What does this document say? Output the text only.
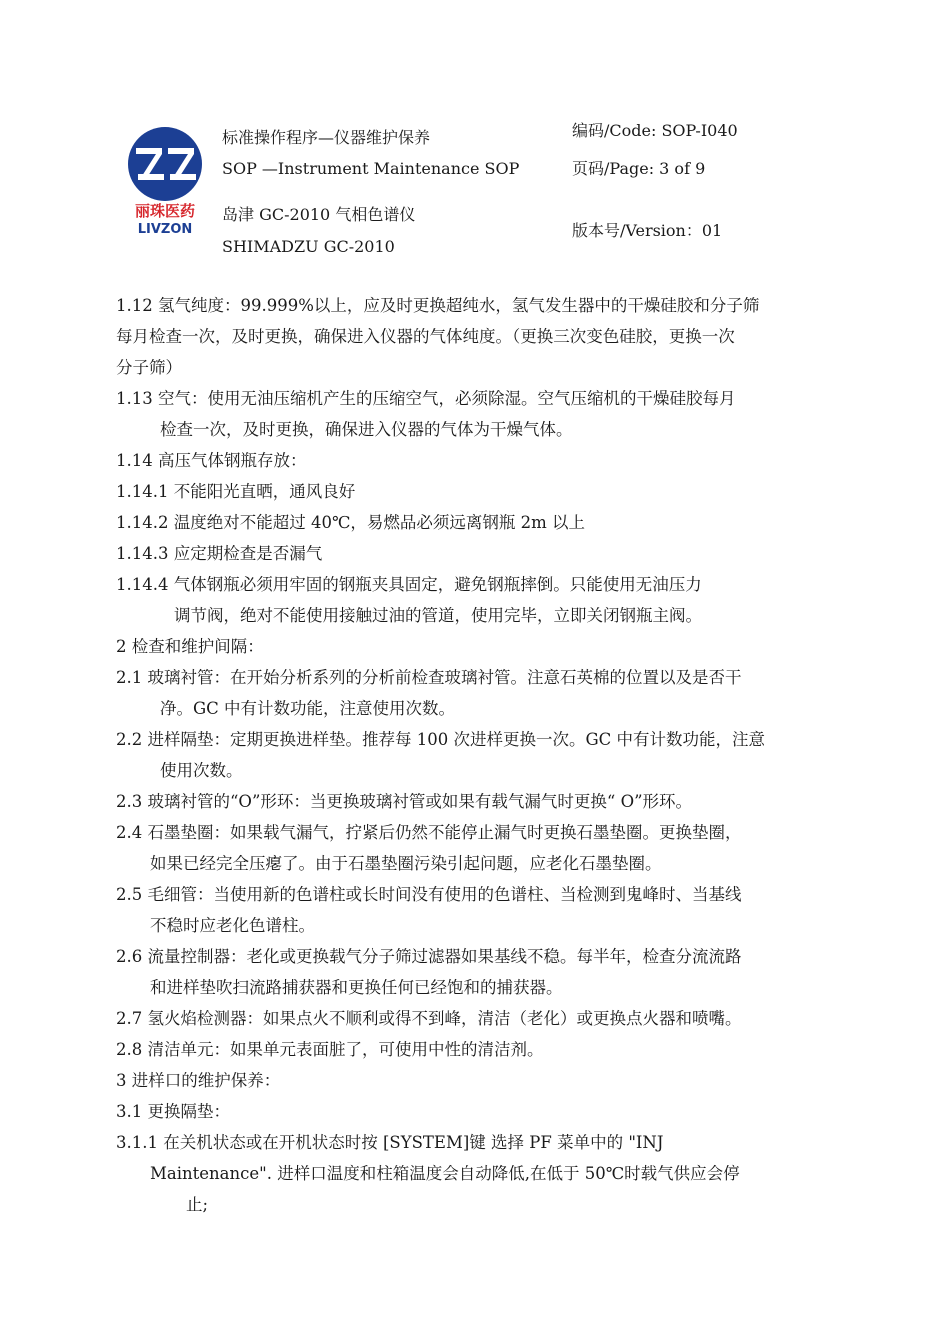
丽珠医药
LIVZON
标准操作程序—仪器维护保养
SOP —Instrument Maintenance SOP
岛津 GC-2010 气相色谱仪
SHIMADZU GC-2010
编码/Code: SOP-I040
页码/Page: 3 of 9
版本号/Version：01

1.12 氢气纯度：99.999%以上，应及时更换超纯水，氢气发生器中的干燥硅胶和分子筛

每月检查一次，及时更换，确保进入仪器的气体纯度。（更换三次变色硅胶，更换一次

分子筛）

1.13 空气：使用无油压缩机产生的压缩空气，必须除湿。空气压缩机的干燥硅胶每月

检查一次，及时更换，确保进入仪器的气体为干燥气体。

1.14 高压气体钢瓶存放：

1.14.1 不能阳光直晒，通风良好

1.14.2 温度绝对不能超过 40℃，易燃品必须远离钢瓶 2m 以上

1.14.3 应定期检查是否漏气

1.14.4 气体钢瓶必须用牢固的钢瓶夹具固定，避免钢瓶摔倒。只能使用无油压力

调节阀，绝对不能使用接触过油的管道，使用完毕，立即关闭钢瓶主阀。

2 检查和维护间隔：

2.1 玻璃衬管：在开始分析系列的分析前检查玻璃衬管。注意石英棉的位置以及是否干

净。GC 中有计数功能，注意使用次数。

2.2 进样隔垫：定期更换进样垫。推荐每 100 次进样更换一次。GC 中有计数功能，注意

使用次数。

2.3 玻璃衬管的“O”形环：当更换玻璃衬管或如果有载气漏气时更换“ O”形环。

2.4 石墨垫圈：如果载气漏气，拧紧后仍然不能停止漏气时更换石墨垫圈。更换垫圈，

如果已经完全压瘪了。由于石墨垫圈污染引起问题，应老化石墨垫圈。

2.5 毛细管：当使用新的色谱柱或长时间没有使用的色谱柱、当检测到鬼峰时、当基线

不稳时应老化色谱柱。

2.6 流量控制器：老化或更换载气分子筛过滤器如果基线不稳。每半年，检查分流流路

和进样垫吹扫流路捕获器和更换任何已经饱和的捕获器。

2.7 氢火焰检测器：如果点火不顺利或得不到峰，清洁（老化）或更换点火器和喷嘴。

2.8 清洁单元：如果单元表面脏了，可使用中性的清洁剂。

3 进样口的维护保养：

3.1 更换隔垫：

3.1.1 在关机状态或在开机状态时按 [SYSTEM]键 选择 PF 菜单中的 "INJ

Maintenance". 进样口温度和柱箱温度会自动降低,在低于 50℃时载气供应会停

止;
